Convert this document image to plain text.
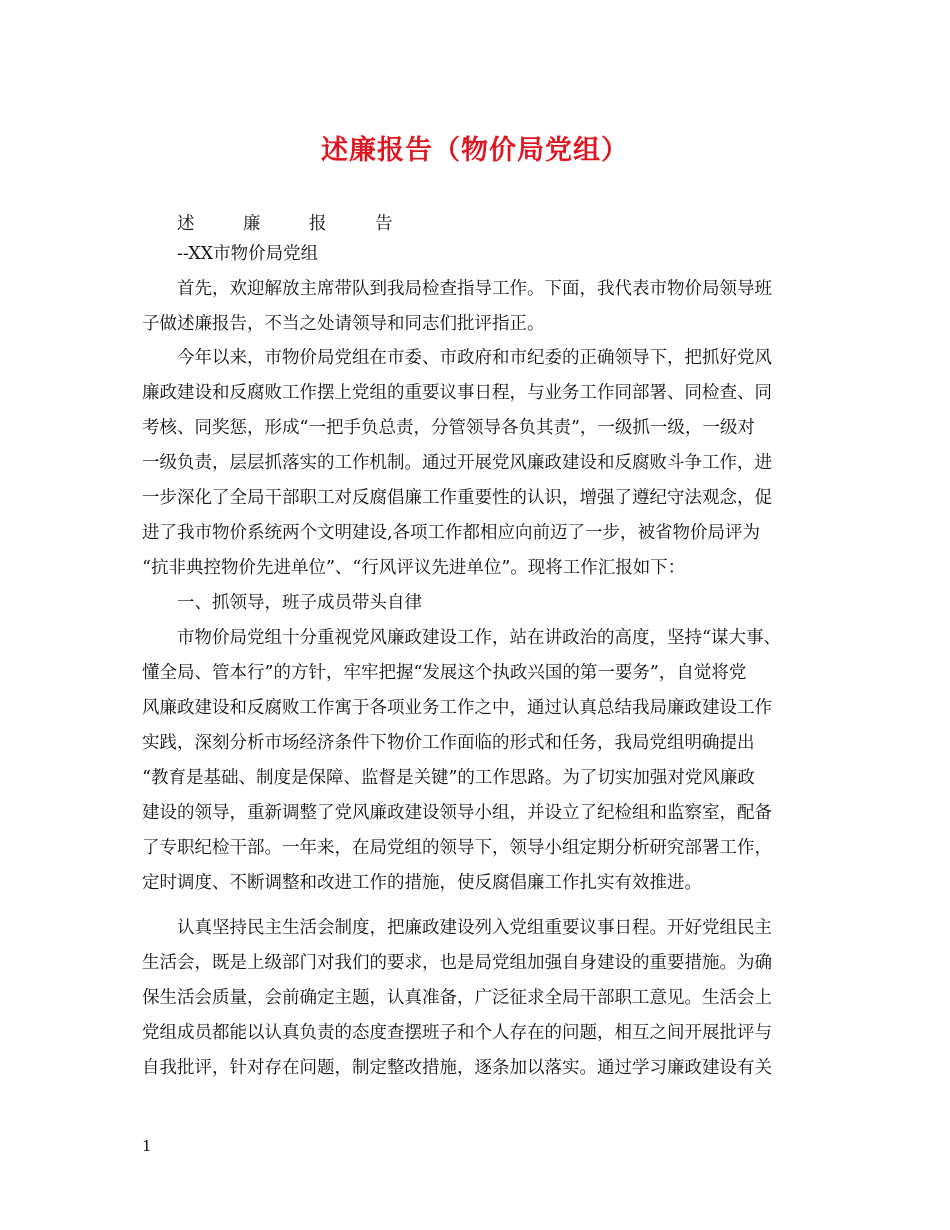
述廉报告（物价局党组）
述	廉	报	告
--XX市物价局党组
首先，欢迎解放主席带队到我局检查指导工作。下面，我代表市物价局领导班
子做述廉报告，不当之处请领导和同志们批评指正。
今年以来，市物价局党组在市委、市政府和市纪委的正确领导下，把抓好党风
廉政建设和反腐败工作摆上党组的重要议事日程，与业务工作同部署、同检查、同
考核、同奖惩，形成“一把手负总责，分管领导各负其责”，一级抓一级，一级对
一级负责，层层抓落实的工作机制。通过开展党风廉政建设和反腐败斗争工作，进
一步深化了全局干部职工对反腐倡廉工作重要性的认识，增强了遵纪守法观念，促
进了我市物价系统两个文明建设,各项工作都相应向前迈了一步，被省物价局评为
“抗非典控物价先进单位”、“行风评议先进单位”。现将工作汇报如下：
一、抓领导，班子成员带头自律
市物价局党组十分重视党风廉政建设工作，站在讲政治的高度，坚持“谋大事、
懂全局、管本行”的方针，牢牢把握“发展这个执政兴国的第一要务”，自觉将党
风廉政建设和反腐败工作寓于各项业务工作之中，通过认真总结我局廉政建设工作
实践，深刻分析市场经济条件下物价工作面临的形式和任务，我局党组明确提出
“教育是基础、制度是保障、监督是关键”的工作思路。为了切实加强对党风廉政
建设的领导，重新调整了党风廉政建设领导小组，并设立了纪检组和监察室，配备
了专职纪检干部。一年来，在局党组的领导下，领导小组定期分析研究部署工作，
定时调度、不断调整和改进工作的措施，使反腐倡廉工作扎实有效推进。
认真坚持民主生活会制度，把廉政建设列入党组重要议事日程。开好党组民主
生活会，既是上级部门对我们的要求，也是局党组加强自身建设的重要措施。为确
保生活会质量，会前确定主题，认真准备，广泛征求全局干部职工意见。生活会上
党组成员都能以认真负责的态度查摆班子和个人存在的问题，相互之间开展批评与
自我批评，针对存在问题，制定整改措施，逐条加以落实。通过学习廉政建设有关
1
